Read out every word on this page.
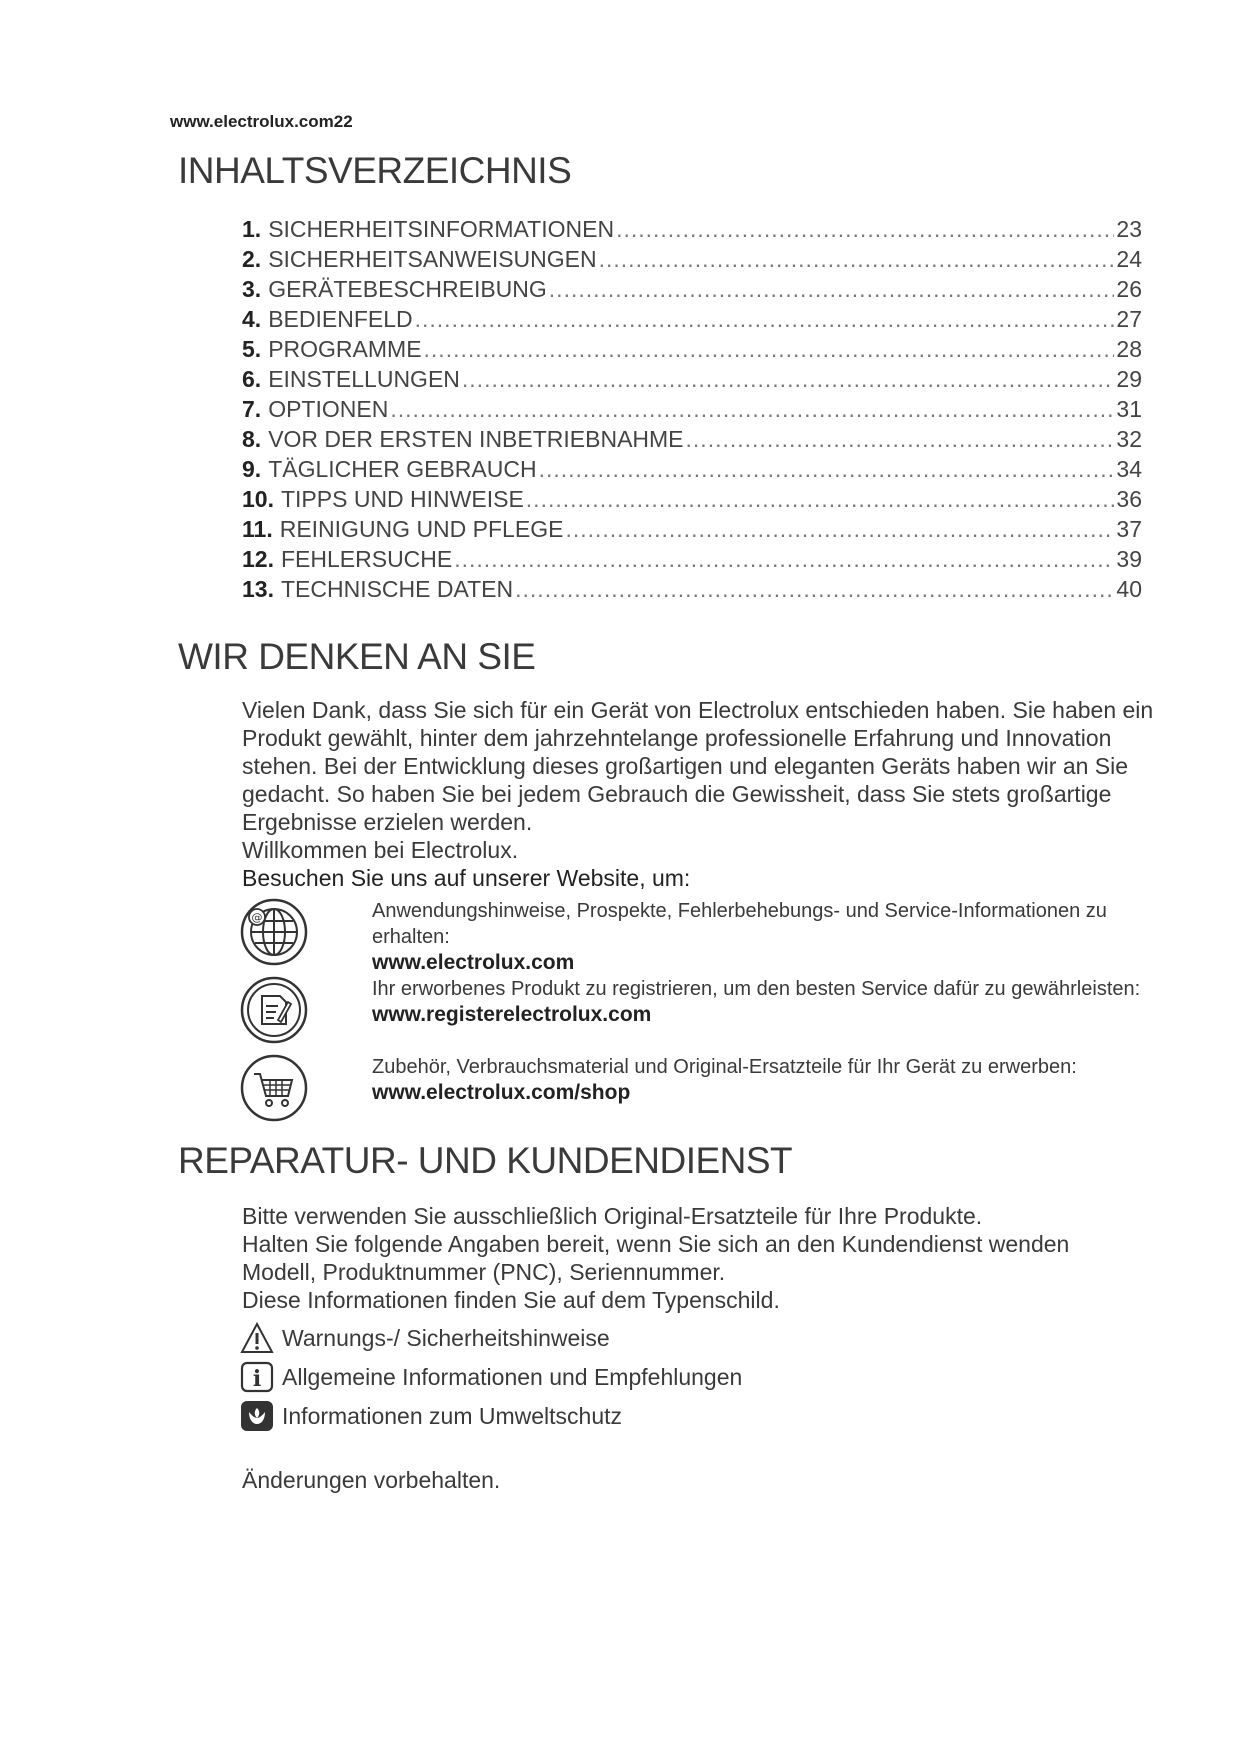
www.electrolux.com22
INHALTSVERZEICHNIS
1. SICHERHEITSINFORMATIONEN .....	23
2. SICHERHEITSANWEISUNGEN .....	24
3. GERÄTEBESCHREIBUNG .....	26
4. BEDIENFELD .....	27
5. PROGRAMME .....	28
6. EINSTELLUNGEN .....	29
7. OPTIONEN .....	31
8. VOR DER ERSTEN INBETRIEBNAHME .....	32
9. TÄGLICHER GEBRAUCH .....	34
10. TIPPS UND HINWEISE .....	36
11. REINIGUNG UND PFLEGE .....	37
12. FEHLERSUCHE .....	39
13. TECHNISCHE DATEN .....	40
WIR DENKEN AN SIE

Vielen Dank, dass Sie sich für ein Gerät von Electrolux entschieden haben. Sie haben ein Produkt gewählt, hinter dem jahrzehntelange professionelle Erfahrung und Innovation stehen. Bei der Entwicklung dieses großartigen und eleganten Geräts haben wir an Sie gedacht. So haben Sie bei jedem Gebrauch die Gewissheit, dass Sie stets großartige Ergebnisse erzielen werden.

Willkommen bei Electrolux.

Besuchen Sie uns auf unserer Website, um:

@	Anwendungshinweise, Prospekte, Fehlerbehebungs- und Service-Informationen zu erhalten:
www.electrolux.com
Ihr erworbenes Produkt zu registrieren, um den besten Service dafür zu gewährleisten:
www.registerelectrolux.com
Zubehör, Verbrauchsmaterial und Original-Ersatzteile für Ihr Gerät zu erwerben:
www.electrolux.com/shop
REPARATUR- UND KUNDENDIENST

Bitte verwenden Sie ausschließlich Original-Ersatzteile für Ihre Produkte.

Halten Sie folgende Angaben bereit, wenn Sie sich an den Kundendienst wenden Modell, Produktnummer (PNC), Seriennummer.

Diese Informationen finden Sie auf dem Typenschild.

Warnungs-/ Sicherheitshinweise
i Allgemeine Informationen und Empfehlungen
Informationen zum Umweltschutz
Änderungen vorbehalten.
